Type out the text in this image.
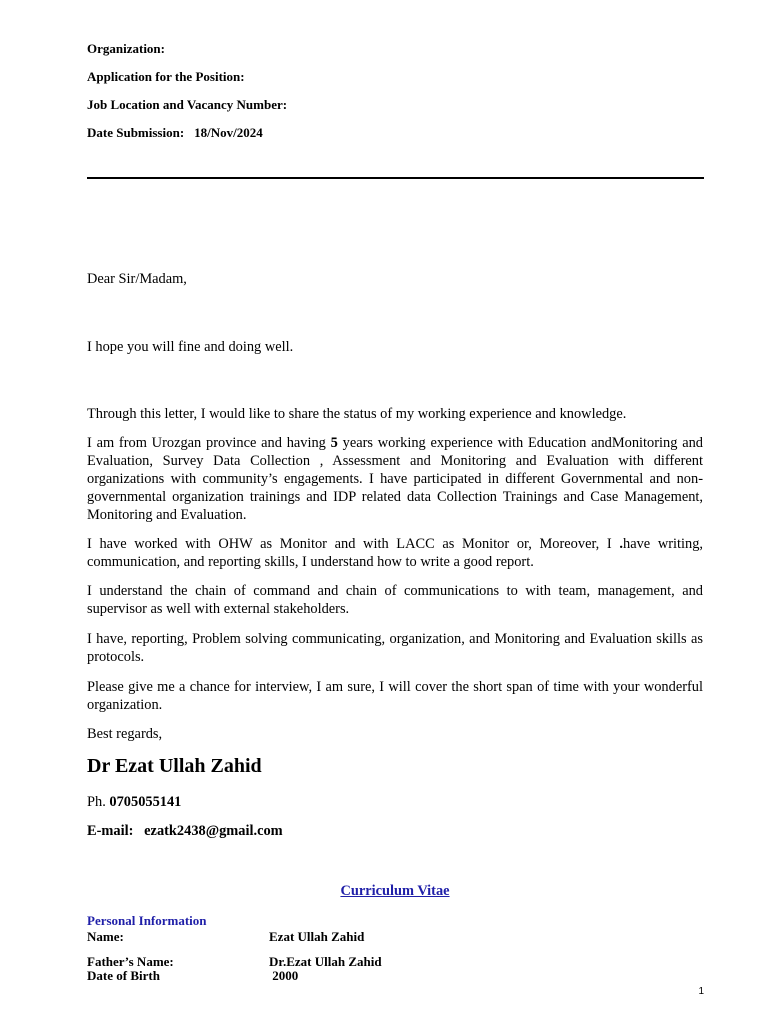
Organization:
Application for the Position:
Job Location and Vacancy Number:
Date Submission: 18/Nov/2024
Dear Sir/Madam,
I hope you will fine and doing well.
Through this letter, I would like to share the status of my working experience and knowledge.
I am from Urozgan province and having 5 years working experience with Education andMonitoring and Evaluation, Survey Data Collection , Assessment and Monitoring and Evaluation with different organizations with community’s engagements. I have participated in different Governmental and non-governmental organization trainings and IDP related data Collection Trainings and Case Management, Monitoring and Evaluation.
I have worked with OHW as Monitor and with LACC as Monitor or, Moreover, I .have writing, communication, and reporting skills, I understand how to write a good report.
I understand the chain of command and chain of communications to with team, management, and supervisor as well with external stakeholders.
I have, reporting, Problem solving communicating, organization, and Monitoring and Evaluation skills as protocols.
Please give me a chance for interview, I am sure, I will cover the short span of time with your wonderful organization.
Best regards,
Dr Ezat Ullah Zahid
Ph. 0705055141
E-mail: ezatk2438@gmail.com
Curriculum Vitae
Personal Information
Name:	Ezat Ullah Zahid
Father’s Name:	Dr.Ezat Ullah Zahid
Date of Birth	2000
1
